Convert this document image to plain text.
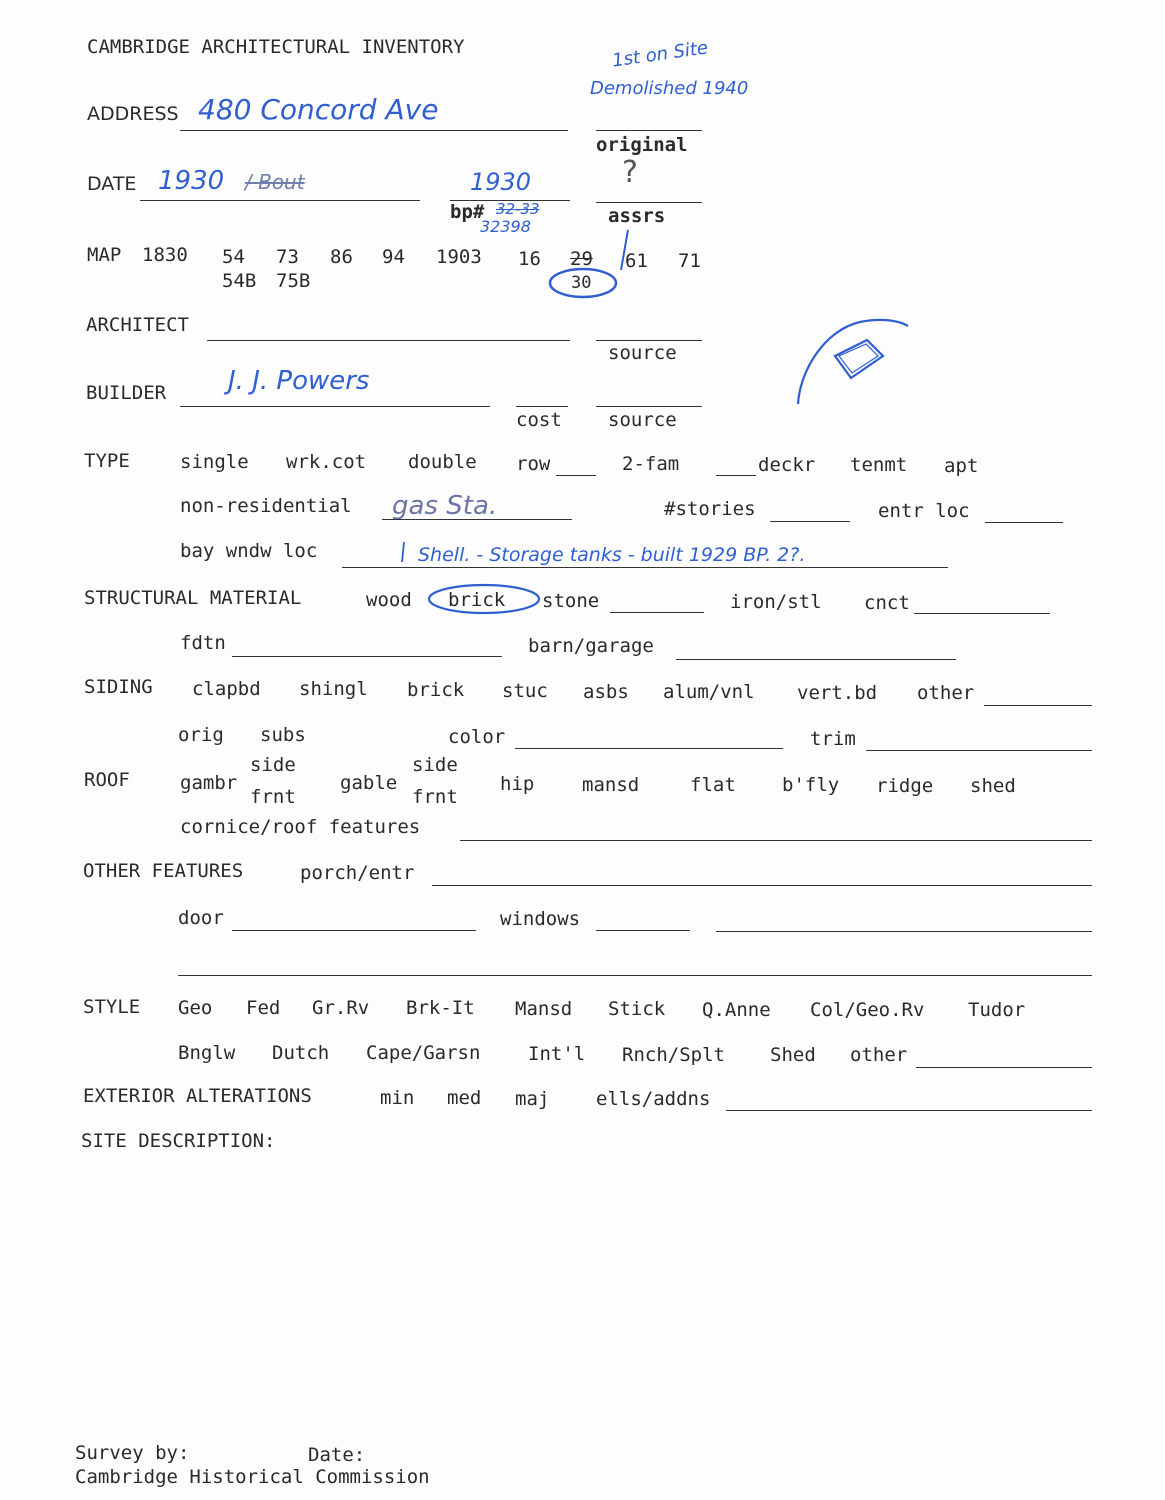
CAMBRIDGE ARCHITECTURAL INVENTORY	1st on Site
Demolished 1940
ADDRESS 480 Concord Ave
original
DATE 1930 / Bout	1930
bp# 32-33
32398
?
assrs
MAP 1830 54 73 86 94 1903 16 29 61 71
54B 75B	30
ARCHITECT
source
BUILDER J. J. Powers
cost source
TYPE	single wrk.cot double row	2-fam	deckr tenmt apt
non-residential gas Sta.	#stories	entr loc
bay wndw loc	Shell. - Storage tanks - built 1929 BP. 2?.
STRUCTURAL MATERIAL	wood brick stone	iron/stl cnct
fdtn	barn/garage
SIDING clapbd shingl brick stuc asbs alum/vnl vert.bd other
orig subs	color	trim
ROOF	gambr
side
frnt
gable
side
frnt
hip	mansd	flat b'fly ridge shed
cornice/roof features
OTHER FEATURES	porch/entr
door	windows
STYLE Geo Fed Gr.Rv Brk-It Mansd Stick Q.Anne Col/Geo.Rv Tudor
Bnglw Dutch Cape/Garsn	Int'l Rnch/Splt Shed other
EXTERIOR ALTERATIONS	min med maj ells/addns
SITE DESCRIPTION:
Survey by:	Date:
Cambridge Historical Commission
